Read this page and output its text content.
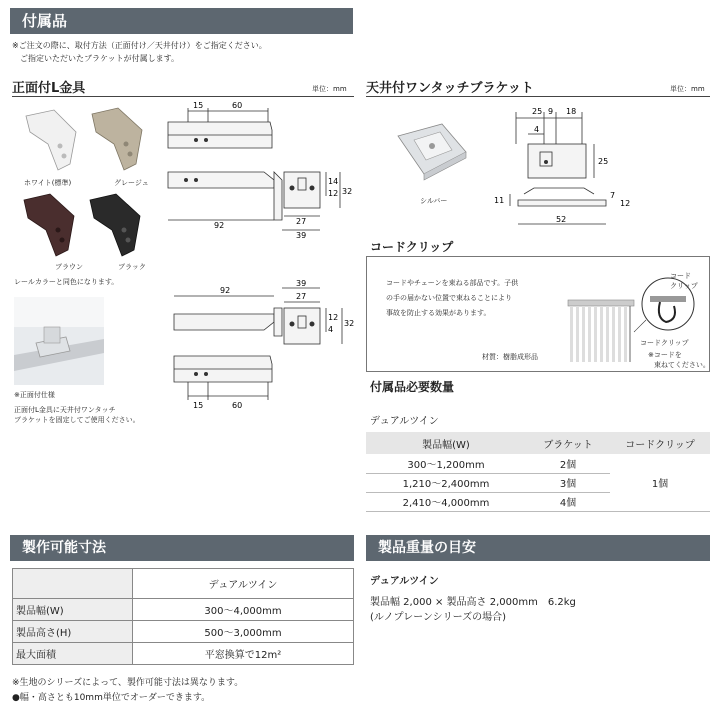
付属品
※ご注文の際に、取付方法（正面付け／天井付け）をご指定ください。
ご指定いただいたブラケットが付属します。
正面付L金具	単位：mm
ホワイト(標準)	グレージュ
ブラウン	ブラック
レールカラーと同色になります。
※正面付仕様
正面付L金具に天井付ワンタッチ
ブラケットを固定してご使用ください。
15	60
14
12 32
92	27
39
92
39
27
12
4
32
15	60
天井付ワンタッチブラケット	単位：mm
シルバー
25 9 18
4
25
11
7
12
52
コードクリップ
コードやチェーンを束ねる部品です。子供
の手の届かない位置で束ねることにより
事故を防止する効果があります。
材質：樹脂成形品
コード
クリップ
コードクリップ
※コードを
束ねてください。
付属品必要数量
デュアルツイン
製品幅(W)	ブラケット	コードクリップ
300〜1,200mm	2個	1個
1,210〜2,400mm	3個	
2,410〜4,000mm	4個	
製作可能寸法
	デュアルツイン
製品幅(W)	300〜4,000mm
製品高さ(H)	500〜3,000mm
最大面積	平窓換算で12m²
※生地のシリーズによって、製作可能寸法は異なります。
●幅・高さとも10mm単位でオーダーできます。
製品重量の目安
デュアルツイン
製品幅 2,000 × 製品高さ 2,000mm　6.2kg
(ルノプレーンシリーズの場合)
